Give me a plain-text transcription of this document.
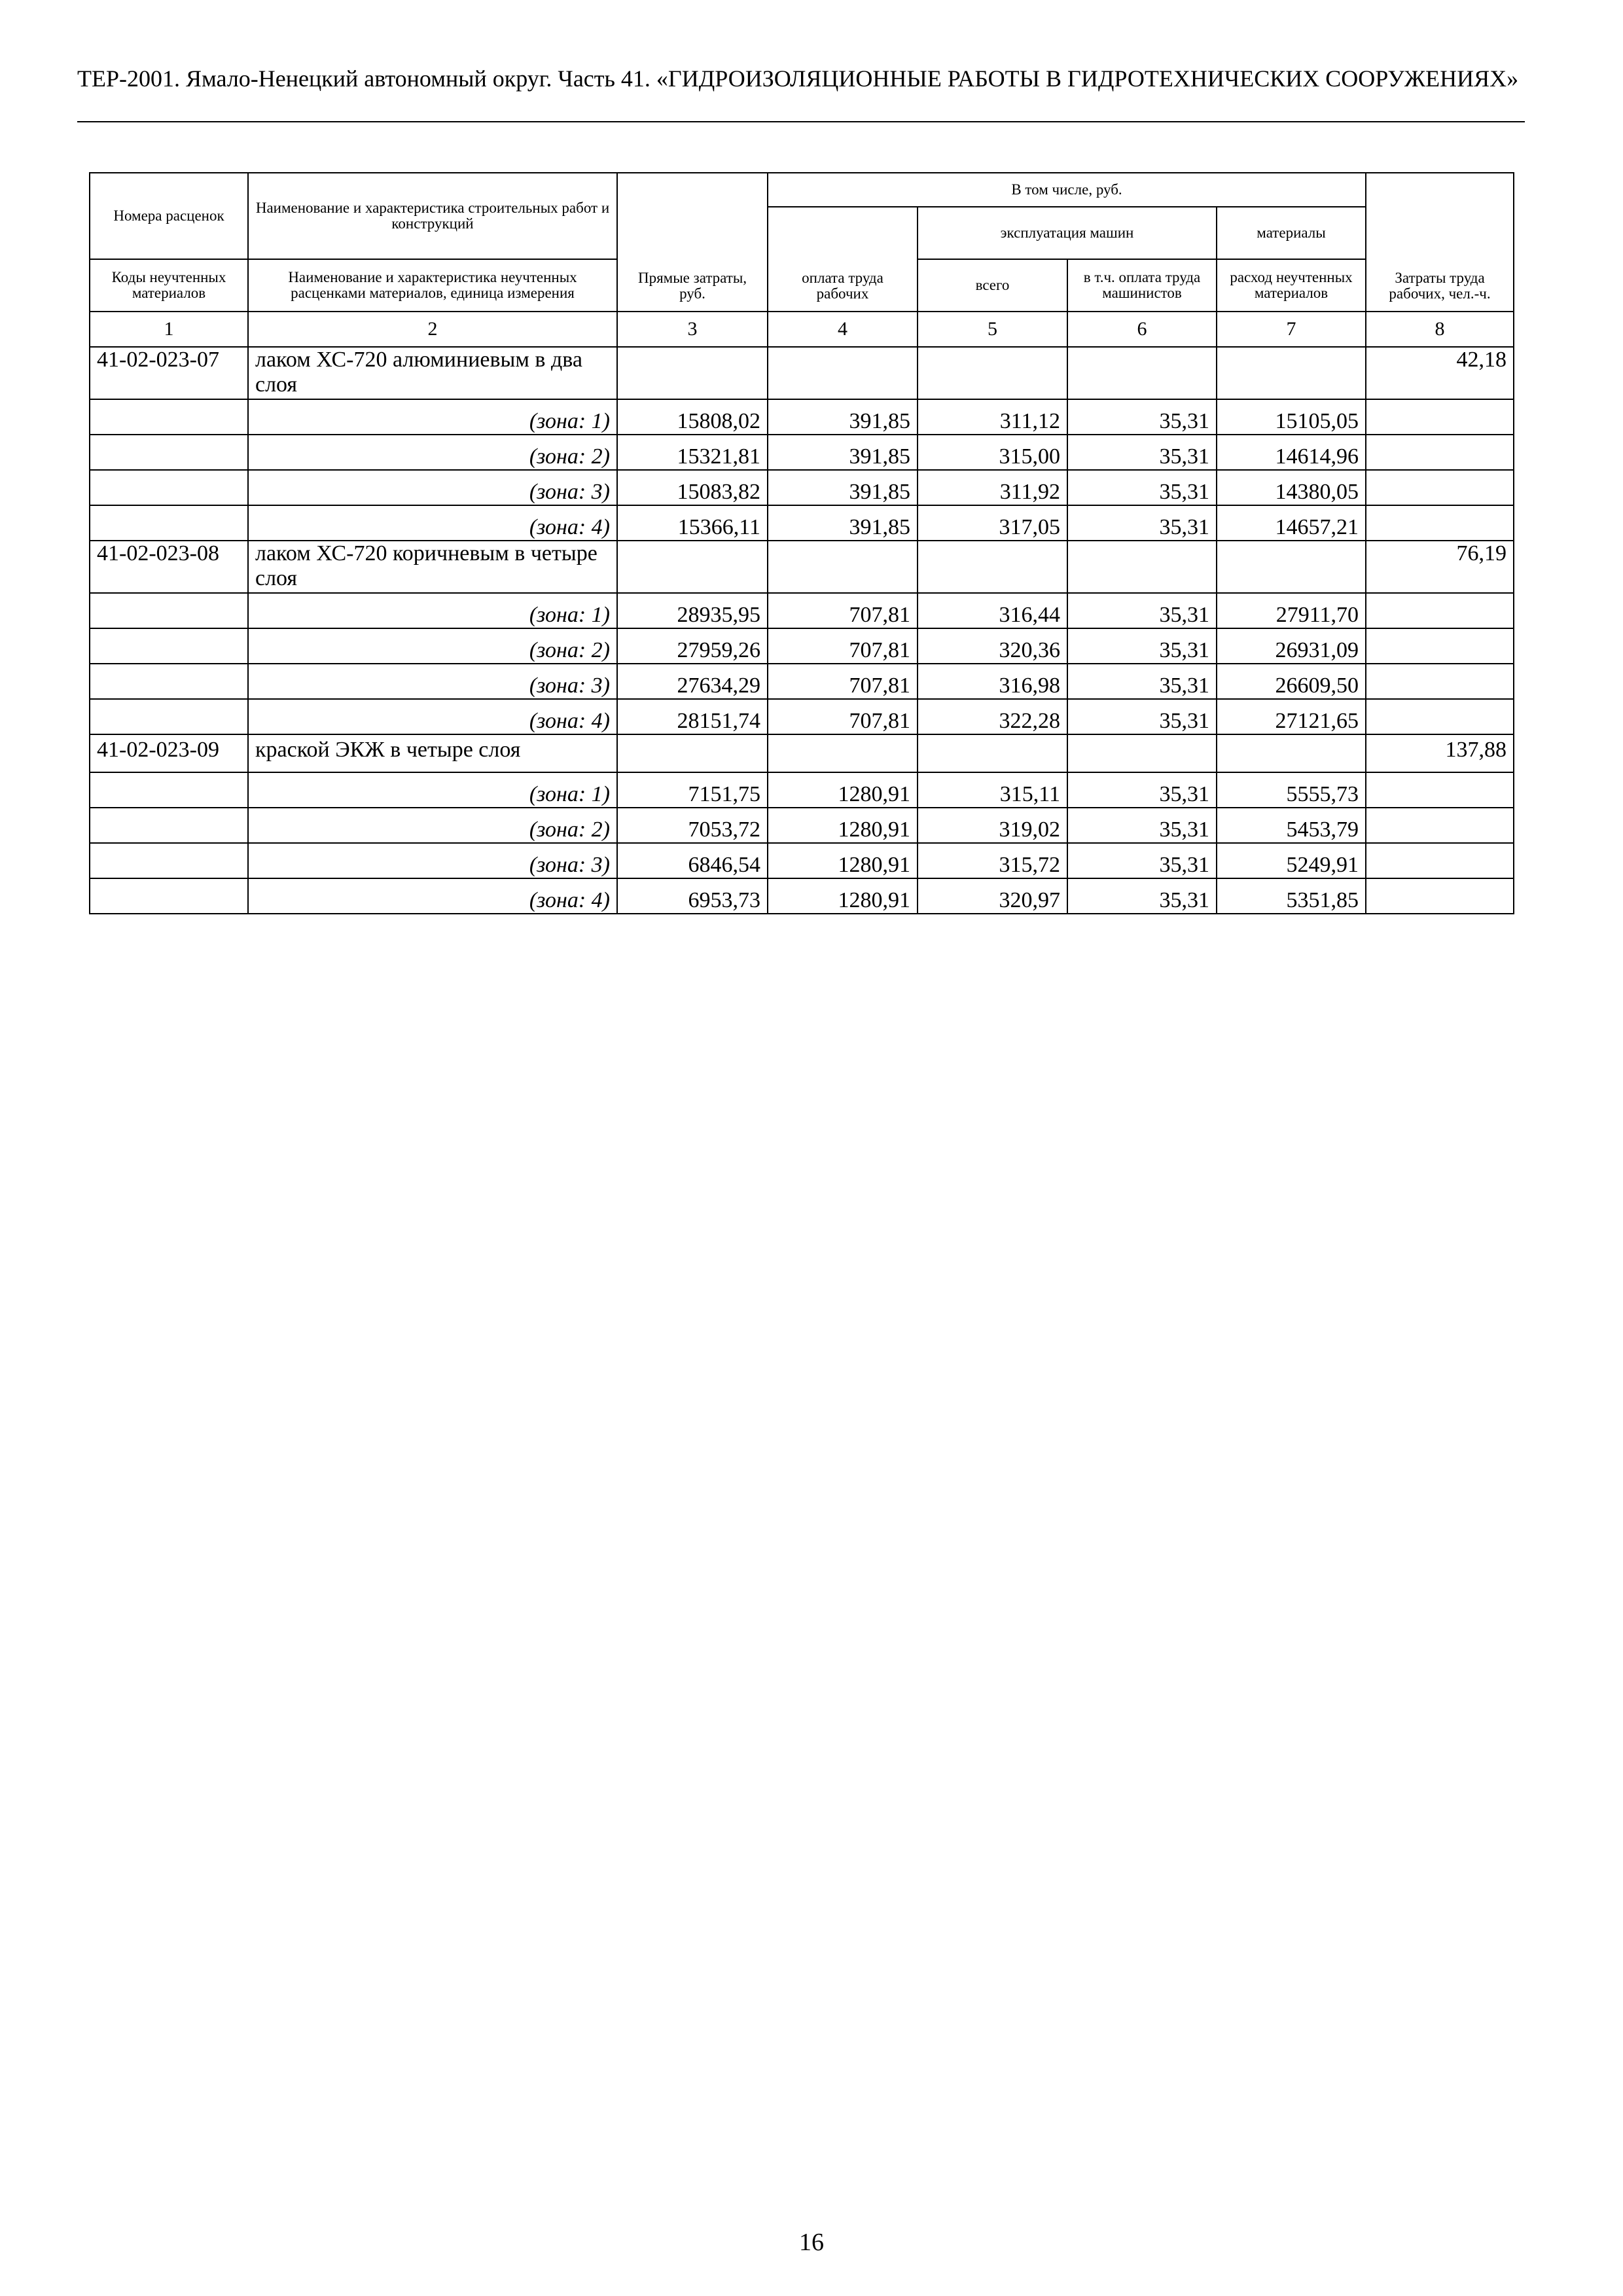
ТЕР-2001. Ямало-Ненецкий автономный округ. Часть 41. «ГИДРОИЗОЛЯЦИОННЫЕ РАБОТЫ В ГИДРОТЕХНИЧЕСКИХ СООРУЖЕНИЯХ»
Номера расценок	Наименование и характеристика строительных работ и конструкций	Прямые затраты, руб.	В том числе, руб.				Затраты труда рабочих, чел.-ч.
			оплата труда рабочих	эксплуатация машин		материалы	
Коды неучтенных материалов	Наименование и характеристика неучтенных расценками материалов, единица измерения			всего	в т.ч. оплата труда машинистов	расход неучтенных материалов	

1	2	3	4	5	6	7	8
41-02-023-07	лаком ХС-720 алюминиевым в два слоя						42,18
	(зона: 1)	15808,02	391,85	311,12	35,31	15105,05	
	(зона: 2)	15321,81	391,85	315,00	35,31	14614,96	
	(зона: 3)	15083,82	391,85	311,92	35,31	14380,05	
	(зона: 4)	15366,11	391,85	317,05	35,31	14657,21	
41-02-023-08	лаком ХС-720 коричневым в четыре слоя						76,19
	(зона: 1)	28935,95	707,81	316,44	35,31	27911,70	
	(зона: 2)	27959,26	707,81	320,36	35,31	26931,09	
	(зона: 3)	27634,29	707,81	316,98	35,31	26609,50	
	(зона: 4)	28151,74	707,81	322,28	35,31	27121,65	
41-02-023-09	краской ЭКЖ в четыре слоя						137,88
	(зона: 1)	7151,75	1280,91	315,11	35,31	5555,73	
	(зона: 2)	7053,72	1280,91	319,02	35,31	5453,79	
	(зона: 3)	6846,54	1280,91	315,72	35,31	5249,91	
	(зона: 4)	6953,73	1280,91	320,97	35,31	5351,85	
16
